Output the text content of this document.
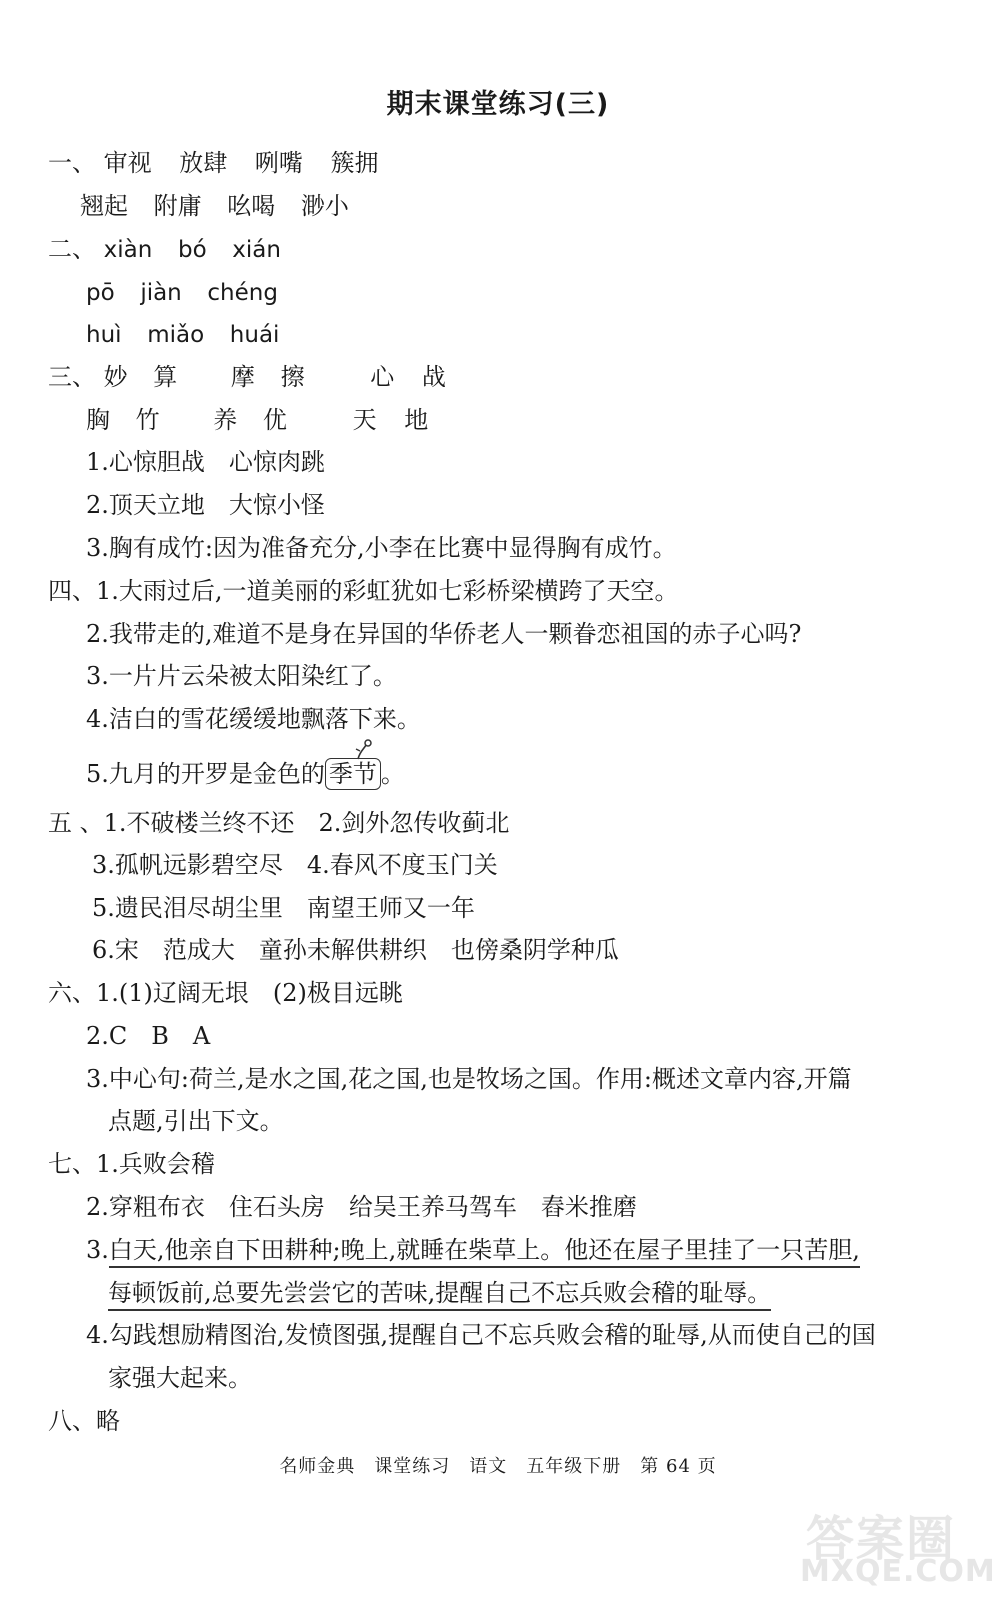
期末课堂练习(三)
一、 审视 放肆 咧嘴 簇拥
翘起 附庸 吆喝 渺小
二、 xiàn bó xián
pō jiàn chéng
huì miǎo huái
三、 妙 算 摩 擦	心 战
胸 竹 养 优	天 地
1.心惊胆战　心惊肉跳
2.顶天立地　大惊小怪
3.胸有成竹:因为准备充分,小李在比赛中显得胸有成竹。
四、1.大雨过后,一道美丽的彩虹犹如七彩桥梁横跨了天空。
2.我带走的,难道不是身在异国的华侨老人一颗眷恋祖国的赤子心吗?
3.一片片云朵被太阳染红了。
4.洁白的雪花缓缓地飘落下来。
5.九月的开罗是金色的 季节 。
五 、1.不破楼兰终不还　2.剑外忽传收蓟北
3.孤帆远影碧空尽　4.春风不度玉门关
5.遗民泪尽胡尘里　南望王师又一年
6.宋　范成大　童孙未解供耕织　也傍桑阴学种瓜
六、1.(1)辽阔无垠　(2)极目远眺
2.C　B　A
3.中心句:荷兰,是水之国,花之国,也是牧场之国。作用:概述文章内容,开篇
点题,引出下文。
七、1.兵败会稽
2.穿粗布衣　住石头房　给吴王养马驾车　舂米推磨
3.白天,他亲自下田耕种;晚上,就睡在柴草上。他还在屋子里挂了一只苦胆,
每顿饭前,总要先尝尝它的苦味,提醒自己不忘兵败会稽的耻辱。
4.勾践想励精图治,发愤图强,提醒自己不忘兵败会稽的耻辱,从而使自己的国
家强大起来。
八、略
名师金典　课堂练习　语文　五年级下册　第 64 页
答案圈
MXQE.COM
